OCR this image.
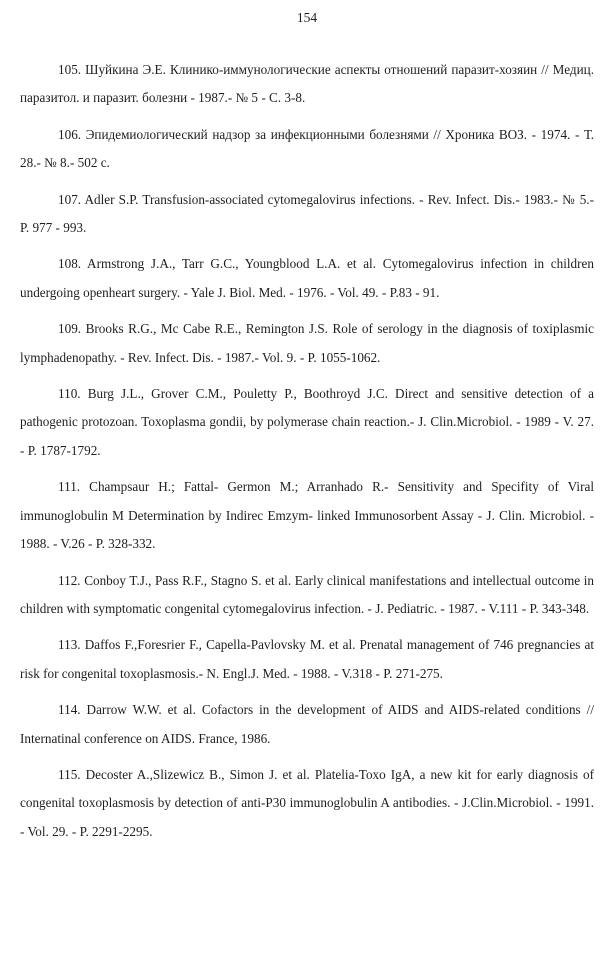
154

105. Шуйкина Э.Е. Клинико-иммунологические аспекты отношений паразит-хозяин // Медиц. паразитол. и паразит. болезни - 1987.- № 5 - С. 3-8.

106. Эпидемиологический надзор за инфекционными болезнями // Хроника ВОЗ. - 1974. - Т. 28.- № 8.- 502 с.

107. Adler S.P. Transfusion-associated cytomegalovirus infections. - Rev. Infect. Dis.- 1983.- № 5.- P. 977 - 993.

108. Armstrong J.A., Tarr G.C., Youngblood L.A. et al. Cytomegalovirus infection in children undergoing openheart surgery. - Yale J. Biol. Med. - 1976. - Vol. 49. - P.83 - 91.

109. Brooks R.G., Mc Cabe R.E., Remington J.S. Role of serology in the diagnosis of toxiplasmic lymphadenopathy. - Rev. Infect. Dis. - 1987.- Vol. 9. - P. 1055-1062.

110. Burg J.L., Grover C.M., Pouletty P., Boothroyd J.C. Direct and sensitive detection of a pathogenic protozoan. Toxoplasma gondii, by polymerase chain reaction.- J. Clin.Microbiol. - 1989 - V. 27. - P. 1787-1792.

111. Champsaur H.; Fattal- Germon M.; Arranhado R.- Sensitivity and Specifity of Viral immunoglobulin M Determination by Indirec Emzym- linked Immunosorbent Assay - J. Clin. Microbiol. - 1988. - V.26 - P. 328-332.

112. Conboy T.J., Pass R.F., Stagno S. et al. Early clinical manifestations and intellectual outcome in children with symptomatic congenital cytomegalovirus infection. - J. Pediatric. - 1987. - V.111 - P. 343-348.

113. Daffos F.,Foresrier F., Capella-Pavlovsky M. et al. Prenatal management of 746 pregnancies at risk for congenital toxoplasmosis.- N. Engl.J. Med. - 1988. - V.318 - P. 271-275.

114. Darrow W.W. et al. Cofactors in the development of AIDS and AIDS-related conditions // Internatinal conference on AIDS. France, 1986.

115. Decoster A.,Slizewicz B., Simon J. et al. Platelia-Toxo IgA, a new kit for early diagnosis of congenital toxoplasmosis by detection of anti-P30 immunoglobulin A antibodies. - J.Clin.Microbiol. - 1991. - Vol. 29. - P. 2291-2295.
